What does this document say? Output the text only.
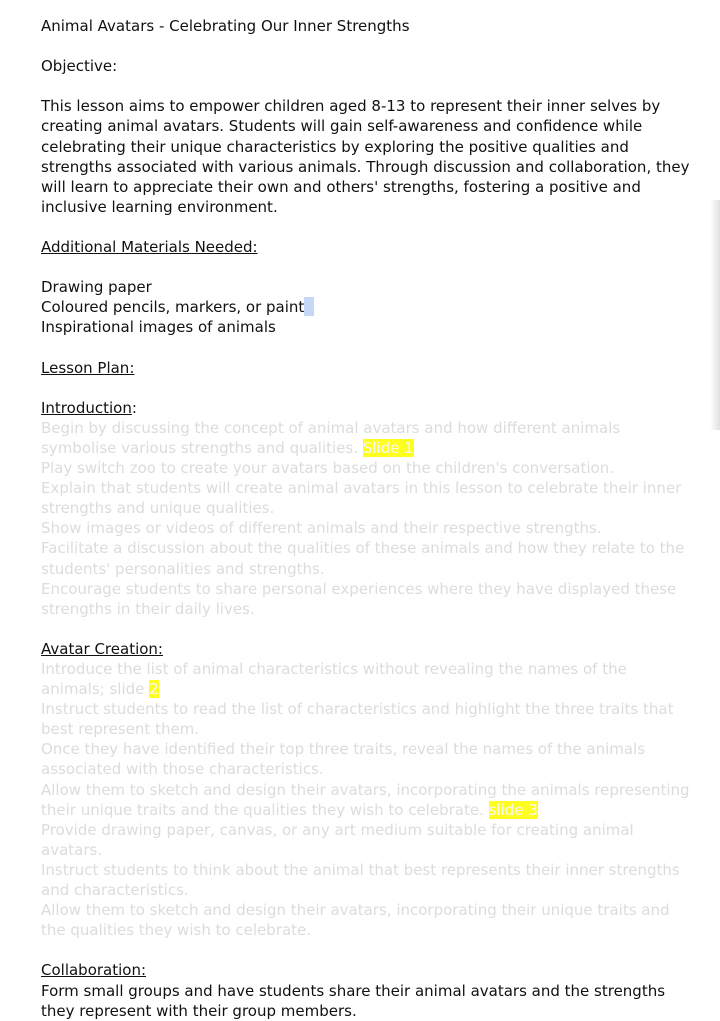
Animal Avatars - Celebrating Our Inner Strengths

Objective:

This lesson aims to empower children aged 8-13 to represent their inner selves by creating animal avatars. Students will gain self-awareness and confidence while celebrating their unique characteristics by exploring the positive qualities and strengths associated with various animals. Through discussion and collaboration, they will learn to appreciate their own and others' strengths, fostering a positive and inclusive learning environment.

Additional Materials Needed:

Drawing paper

Coloured pencils, markers, or paint

Inspirational images of animals

Lesson Plan:

Introduction:

Begin by discussing the concept of animal avatars and how different animals symbolise various strengths and qualities. Slide 1

Play switch zoo to create your avatars based on the children's conversation.

Explain that students will create animal avatars in this lesson to celebrate their inner strengths and unique qualities.

Show images or videos of different animals and their respective strengths.

Facilitate a discussion about the qualities of these animals and how they relate to the students' personalities and strengths.

Encourage students to share personal experiences where they have displayed these strengths in their daily lives.

Avatar Creation:

Introduce the list of animal characteristics without revealing the names of the animals; slide 2

Instruct students to read the list of characteristics and highlight the three traits that best represent them.

Once they have identified their top three traits, reveal the names of the animals associated with those characteristics.

Allow them to sketch and design their avatars, incorporating the animals representing their unique traits and the qualities they wish to celebrate. slide 3

Provide drawing paper, canvas, or any art medium suitable for creating animal avatars.

Instruct students to think about the animal that best represents their inner strengths and characteristics.

Allow them to sketch and design their avatars, incorporating their unique traits and the qualities they wish to celebrate.

Collaboration:

Form small groups and have students share their animal avatars and the strengths they represent with their group members.
